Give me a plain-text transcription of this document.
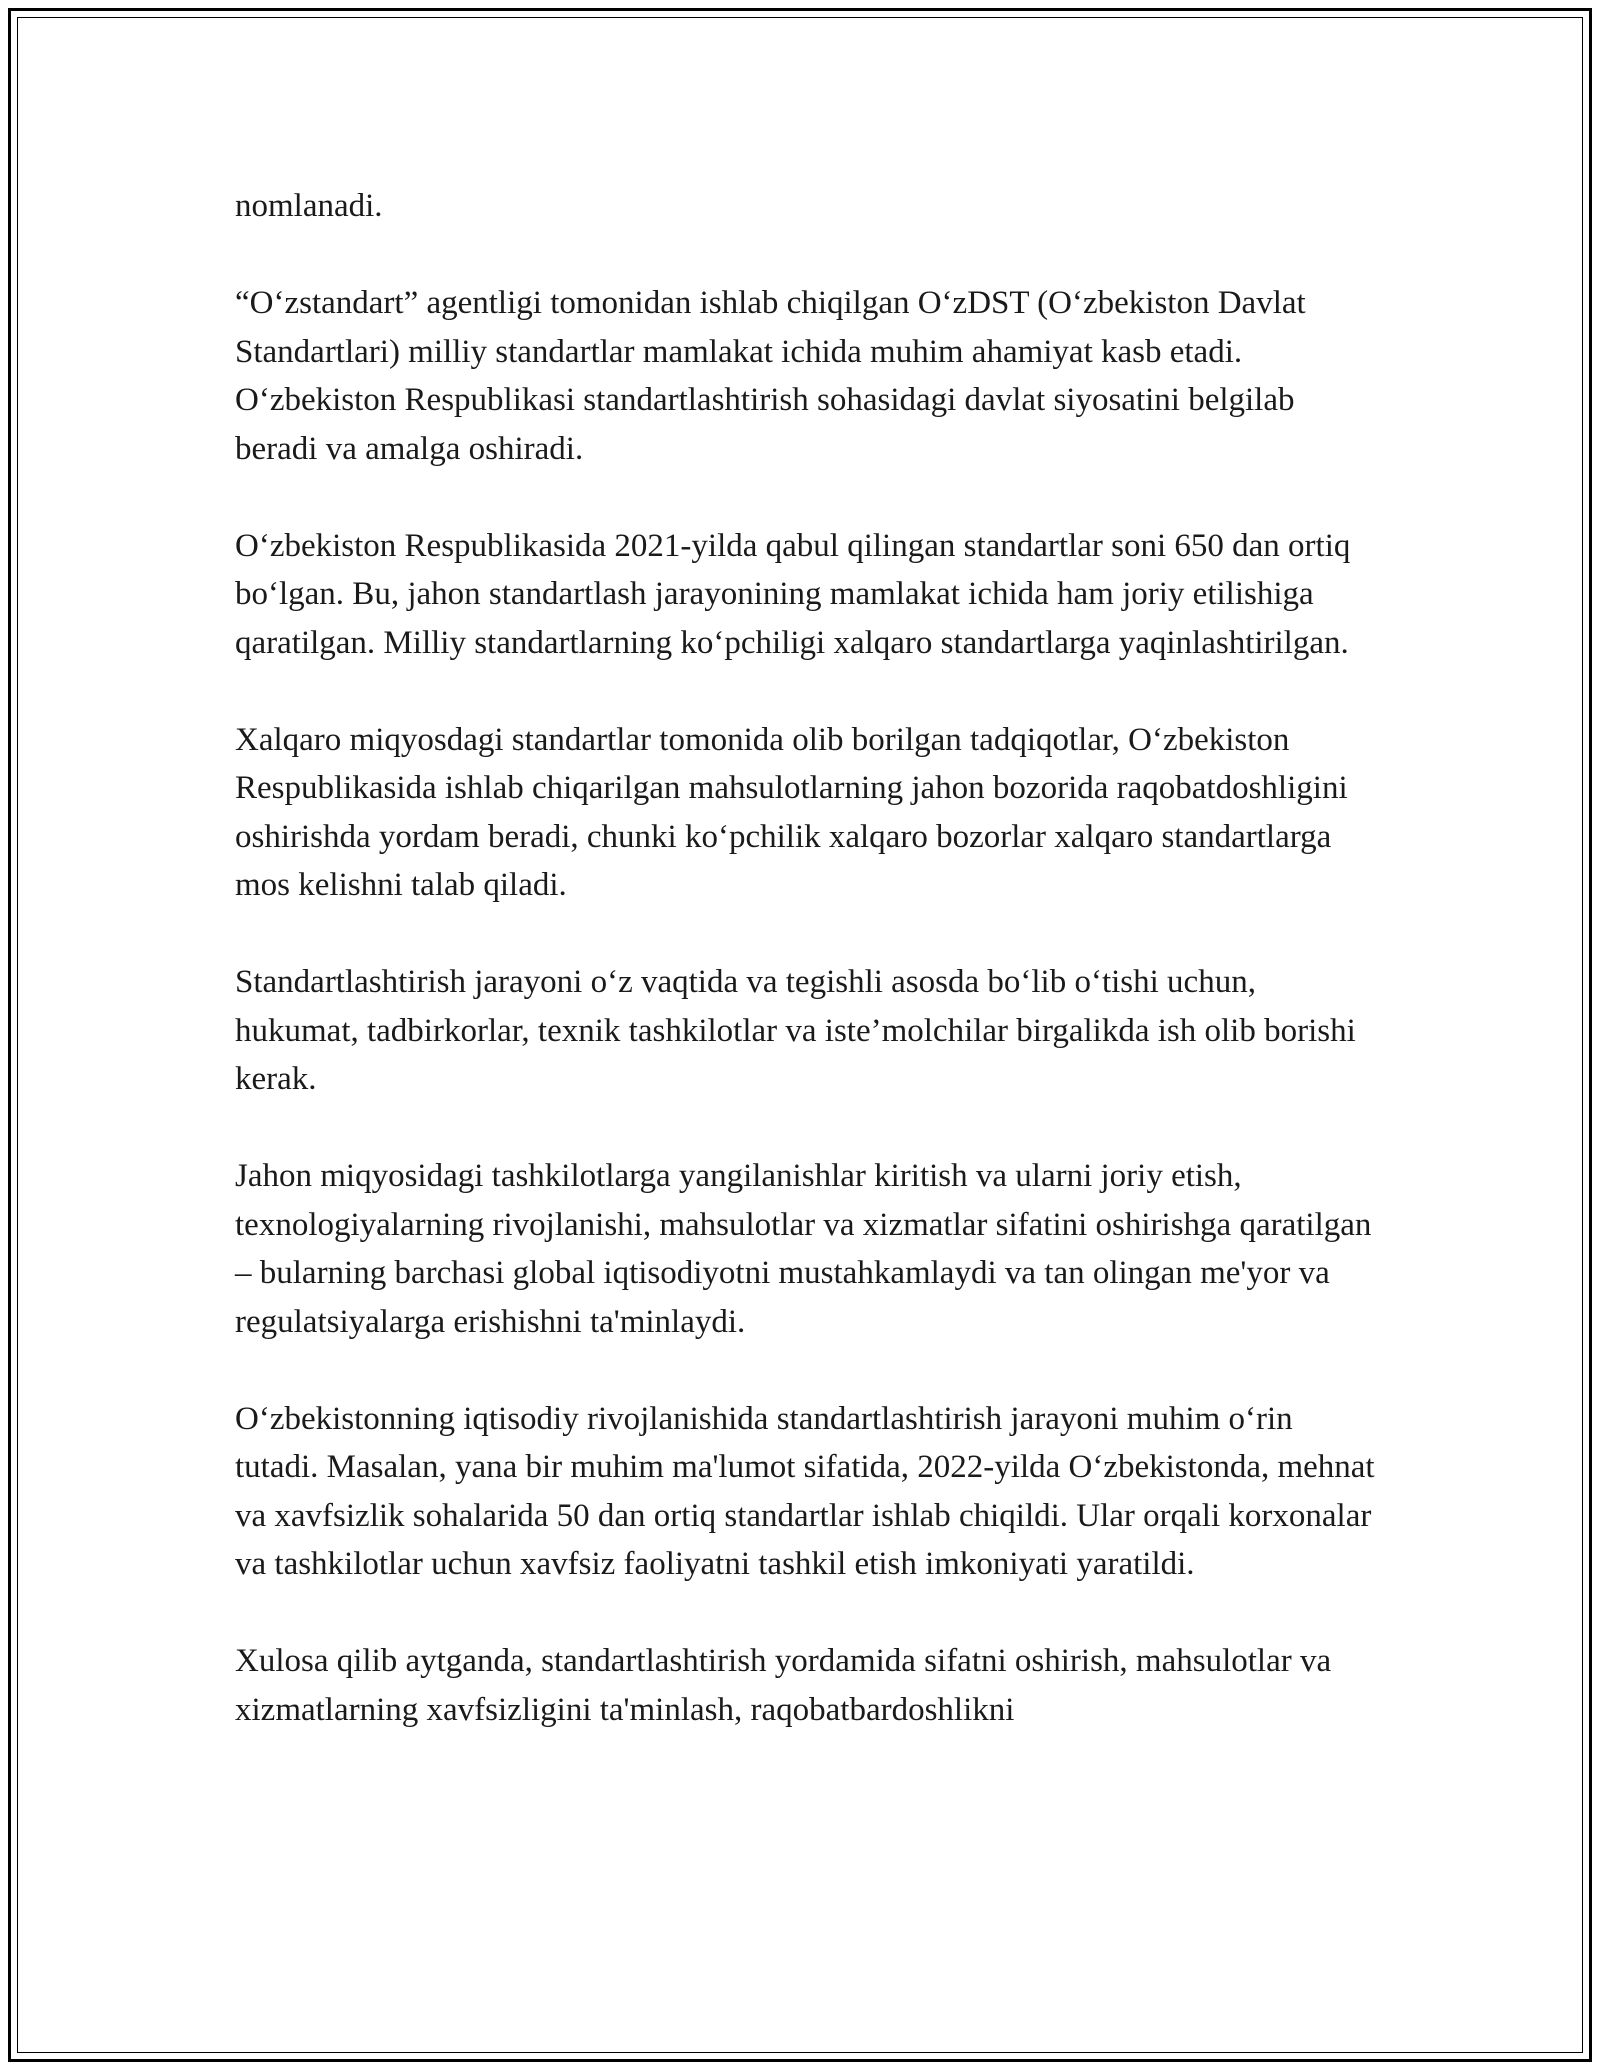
nomlanadi.

“Oʻzstandart” agentligi tomonidan ishlab chiqilgan OʻzDST (Oʻzbekiston Davlat Standartlari) milliy standartlar mamlakat ichida muhim ahamiyat kasb etadi. Oʻzbekiston Respublikasi standartlashtirish sohasidagi davlat siyosatini belgilab beradi va amalga oshiradi.

Oʻzbekiston Respublikasida 2021-yilda qabul qilingan standartlar soni 650 dan ortiq boʻlgan. Bu, jahon standartlash jarayonining mamlakat ichida ham joriy etilishiga qaratilgan. Milliy standartlarning koʻpchiligi xalqaro standartlarga yaqinlashtirilgan.

Xalqaro miqyosdagi standartlar tomonida olib borilgan tadqiqotlar, Oʻzbekiston Respublikasida ishlab chiqarilgan mahsulotlarning jahon bozorida raqobatdoshligini oshirishda yordam beradi, chunki koʻpchilik xalqaro bozorlar xalqaro standartlarga mos kelishni talab qiladi.

Standartlashtirish jarayoni oʻz vaqtida va tegishli asosda boʻlib oʻtishi uchun, hukumat, tadbirkorlar, texnik tashkilotlar va iste’molchilar birgalikda ish olib borishi kerak.

Jahon miqyosidagi tashkilotlarga yangilanishlar kiritish va ularni joriy etish, texnologiyalarning rivojlanishi, mahsulotlar va xizmatlar sifatini oshirishga qaratilgan – bularning barchasi global iqtisodiyotni mustahkamlaydi va tan olingan me'yor va regulatsiyalarga erishishni ta'minlaydi.

Oʻzbekistonning iqtisodiy rivojlanishida standartlashtirish jarayoni muhim oʻrin tutadi. Masalan, yana bir muhim ma'lumot sifatida, 2022-yilda Oʻzbekistonda, mehnat va xavfsizlik sohalarida 50 dan ortiq standartlar ishlab chiqildi. Ular orqali korxonalar va tashkilotlar uchun xavfsiz faoliyatni tashkil etish imkoniyati yaratildi.

Xulosa qilib aytganda, standartlashtirish yordamida sifatni oshirish, mahsulotlar va xizmatlarning xavfsizligini ta'minlash, raqobatbardoshlikni
